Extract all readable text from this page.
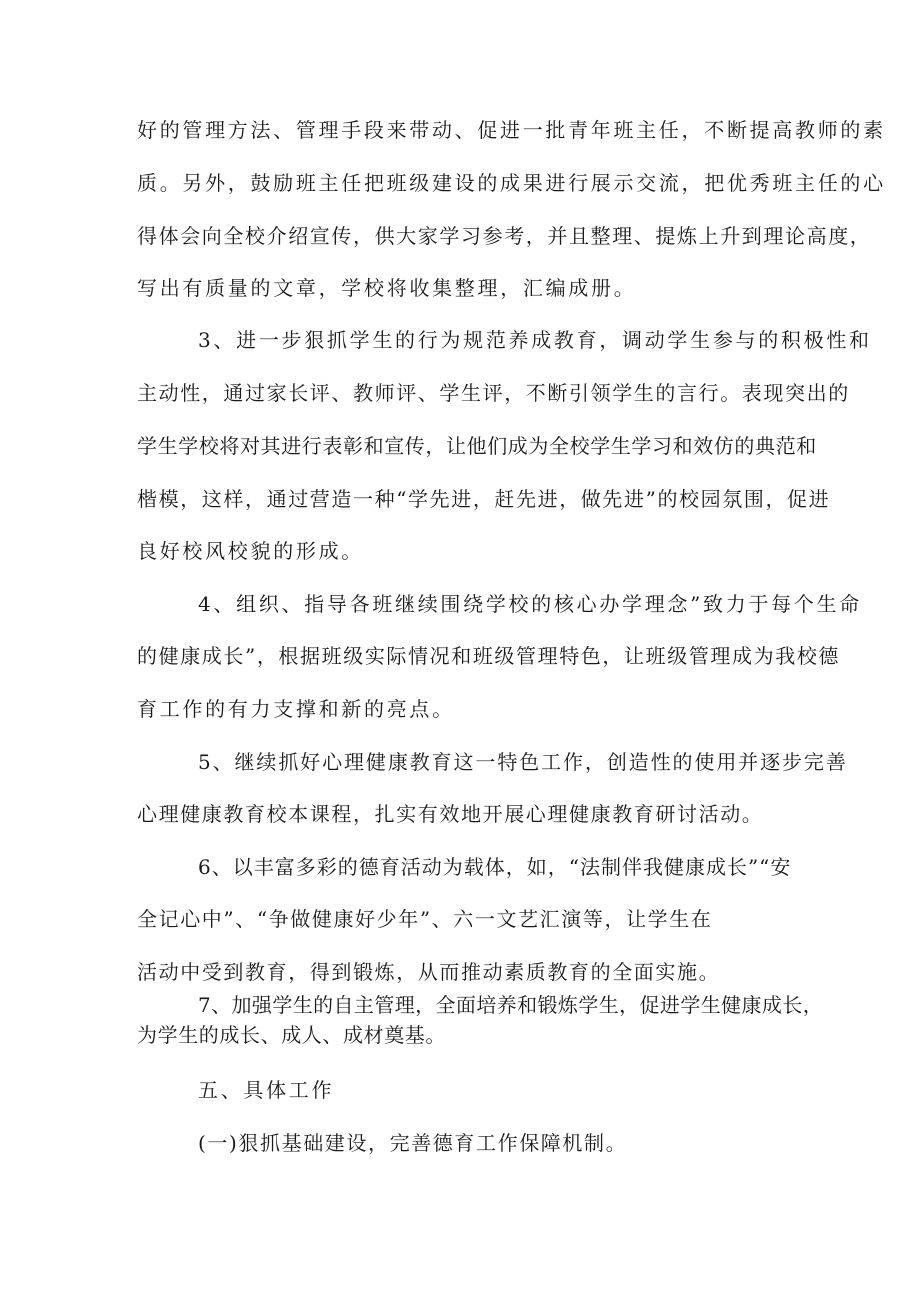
好的管理方法、管理手段来带动、促进一批青年班主任，不断提高教师的素
质。另外，鼓励班主任把班级建设的成果进行展示交流，把优秀班主任的心
得体会向全校介绍宣传，供大家学习参考，并且整理、提炼上升到理论高度，
写出有质量的文章，学校将收集整理，汇编成册。
3、进一步狠抓学生的行为规范养成教育，调动学生参与的积极性和
主动性，通过家长评、教师评、学生评，不断引领学生的言行。表现突出的
学生学校将对其进行表彰和宣传，让他们成为全校学生学习和效仿的典范和
楷模，这样，通过营造一种“学先进，赶先进，做先进”的校园氛围，促进
良好校风校貌的形成。
4、组织、指导各班继续围绕学校的核心办学理念”致力于每个生命
的健康成长”，根据班级实际情况和班级管理特色，让班级管理成为我校德
育工作的有力支撑和新的亮点。
5、继续抓好心理健康教育这一特色工作，创造性的使用并逐步完善
心理健康教育校本课程，扎实有效地开展心理健康教育研讨活动。
6、以丰富多彩的德育活动为载体，如，“法制伴我健康成长”“安
全记心中”、“争做健康好少年”、六一文艺汇演等，让学生在
活动中受到教育，得到锻炼，从而推动素质教育的全面实施。
7、加强学生的自主管理，全面培养和锻炼学生，促进学生健康成长，
为学生的成长、成人、成材奠基。
五、具体工作
(一)狠抓基础建设，完善德育工作保障机制。
